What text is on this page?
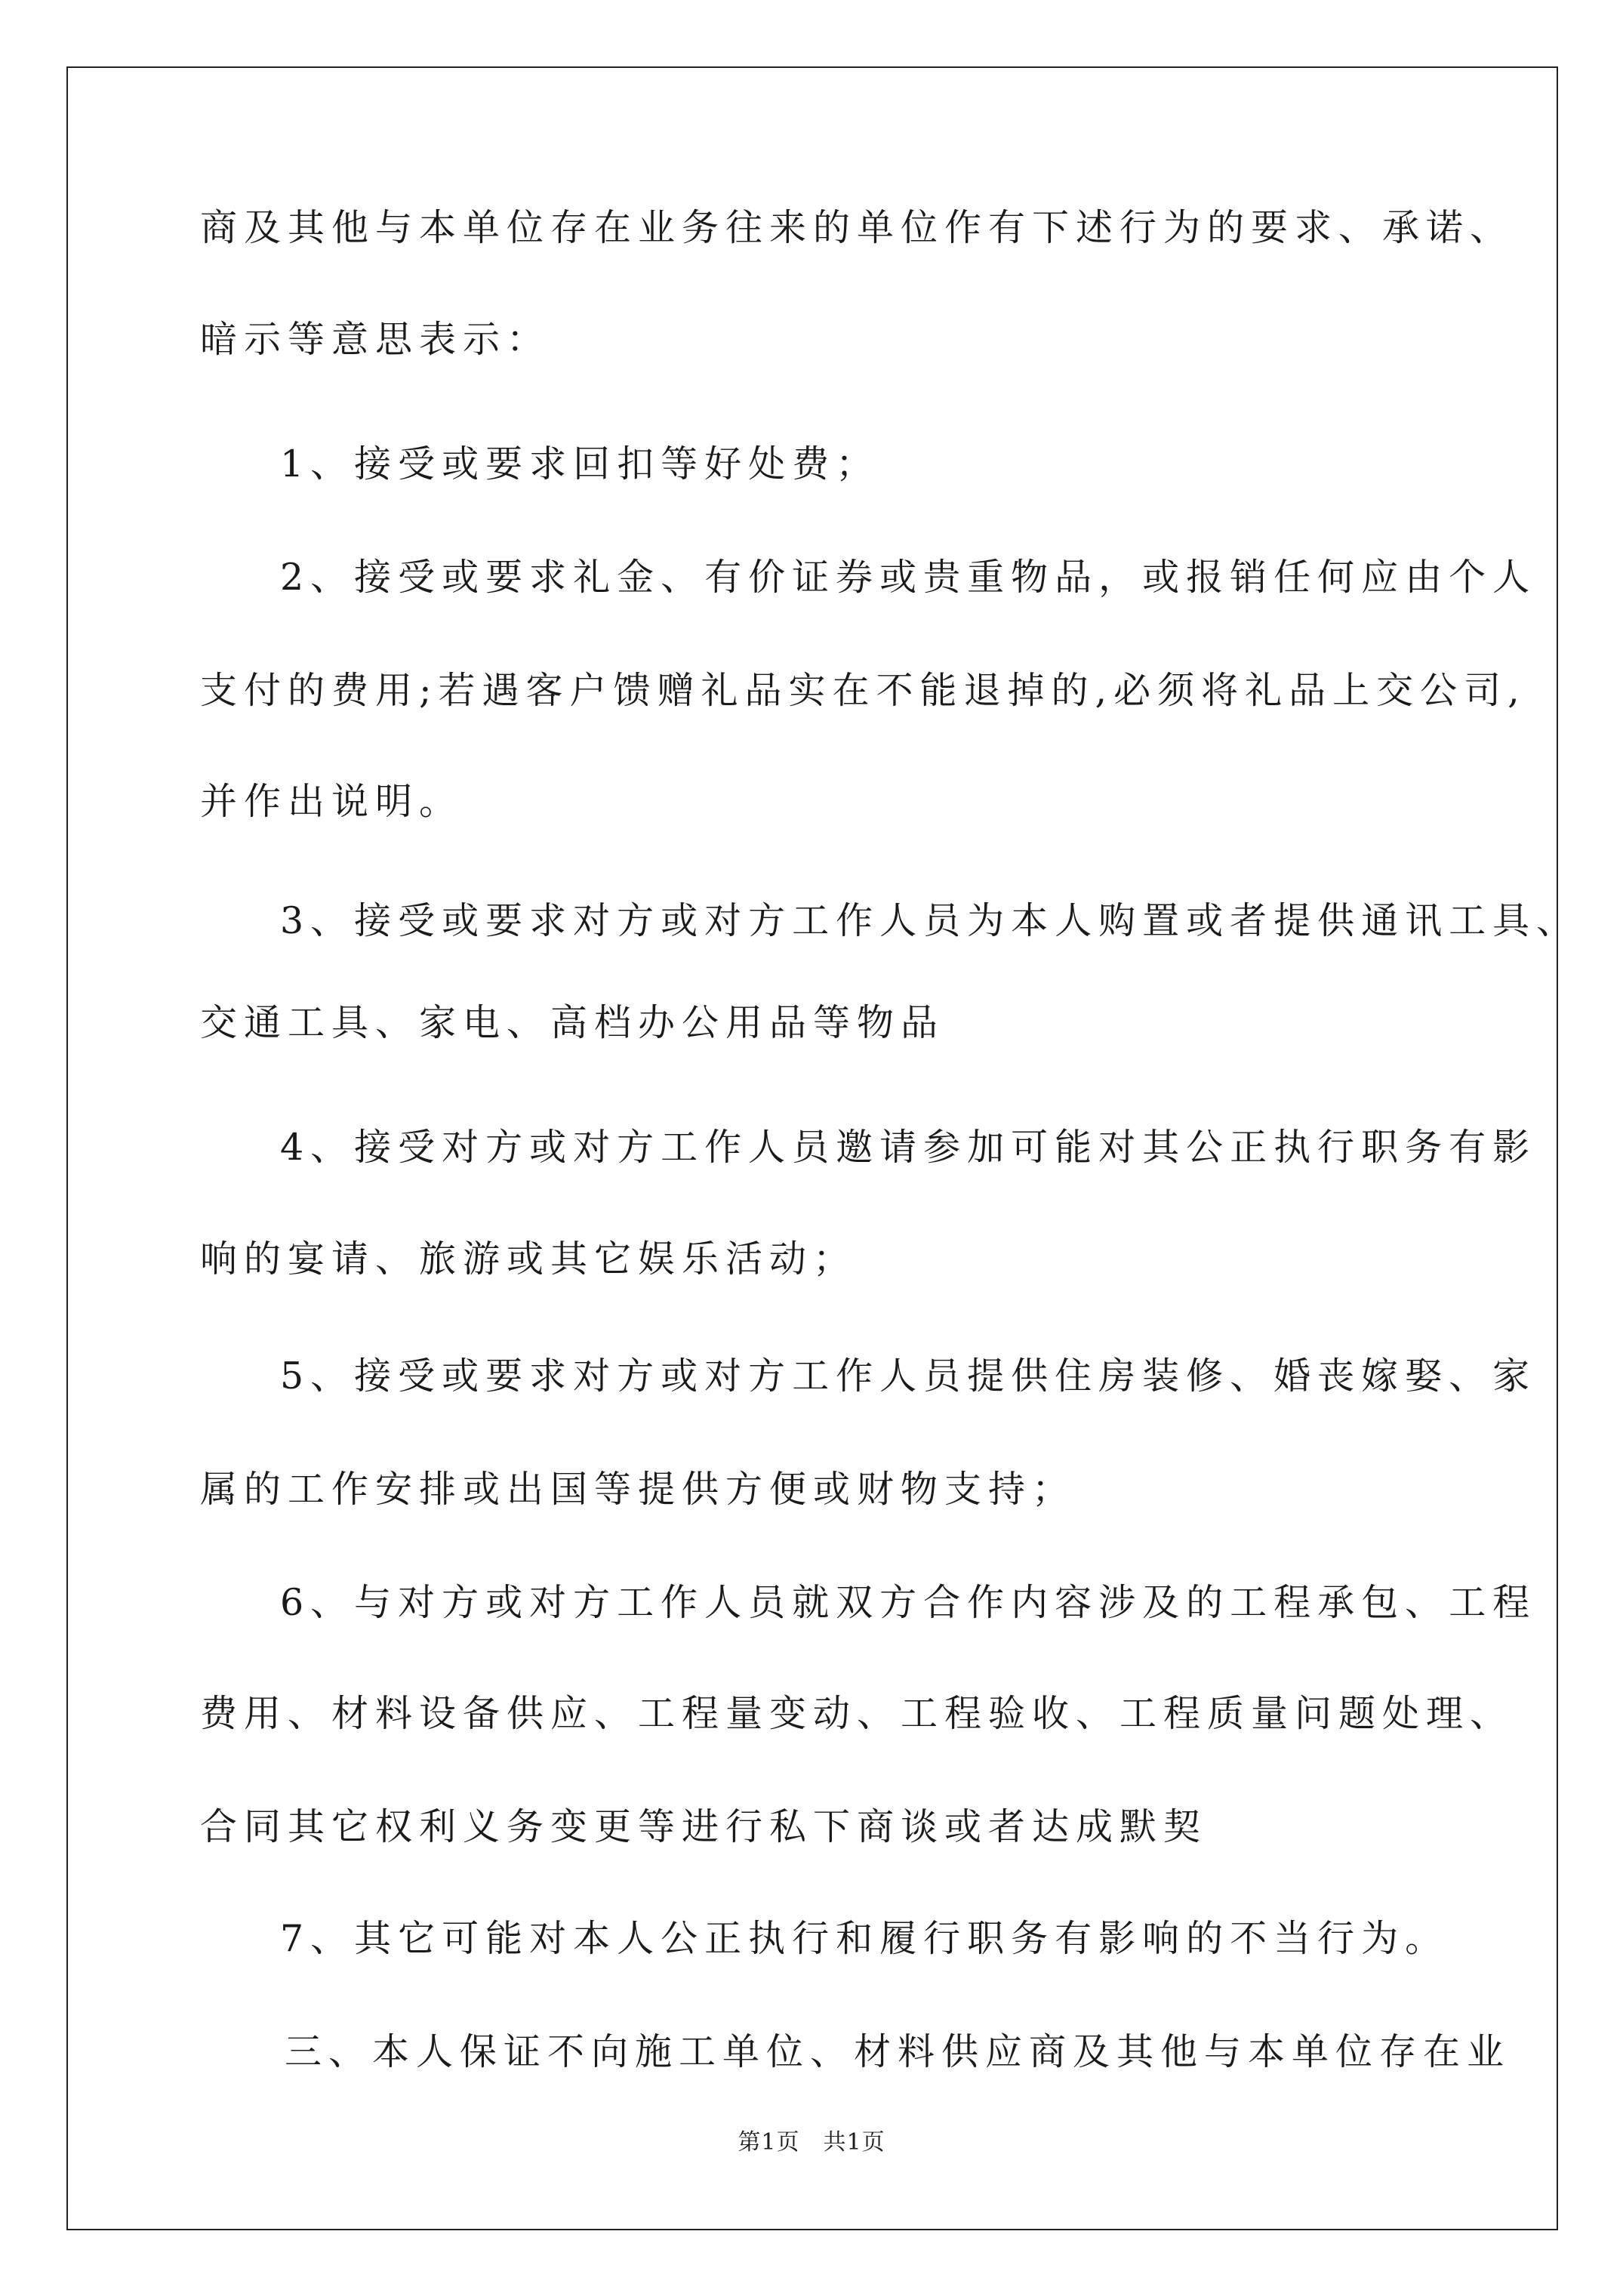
商及其他与本单位存在业务往来的单位作有下述行为的要求、承诺、
暗示等意思表示：
1、接受或要求回扣等好处费；
2、接受或要求礼金、有价证券或贵重物品，或报销任何应由个人
支付的费用;若遇客户馈赠礼品实在不能退掉的,必须将礼品上交公司,
并作出说明。
3、接受或要求对方或对方工作人员为本人购置或者提供通讯工具、
交通工具、家电、高档办公用品等物品
4、接受对方或对方工作人员邀请参加可能对其公正执行职务有影
响的宴请、旅游或其它娱乐活动；
5、接受或要求对方或对方工作人员提供住房装修、婚丧嫁娶、家
属的工作安排或出国等提供方便或财物支持；
6、与对方或对方工作人员就双方合作内容涉及的工程承包、工程
费用、材料设备供应、工程量变动、工程验收、工程质量问题处理、
合同其它权利义务变更等进行私下商谈或者达成默契
7、其它可能对本人公正执行和履行职务有影响的不当行为。
三、本人保证不向施工单位、材料供应商及其他与本单位存在业
第1页　共1页
